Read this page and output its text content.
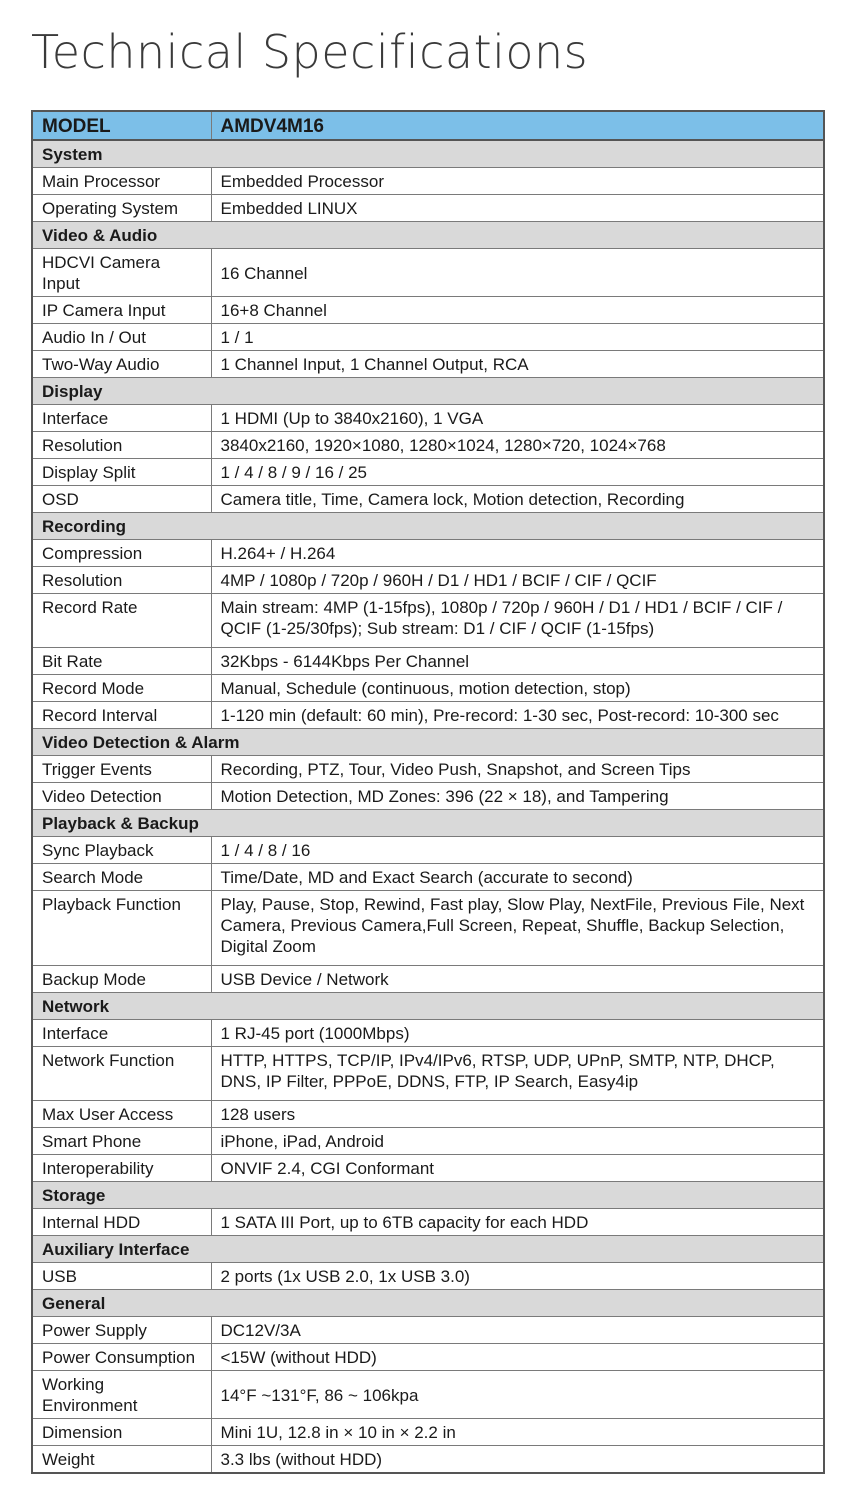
Technical Specifications
MODEL	AMDV4M16
System	
Main Processor	Embedded Processor
Operating System	Embedded LINUX
Video & Audio	
HDCVI Camera Input	16 Channel
IP Camera Input	16+8 Channel
Audio In / Out	1 / 1
Two-Way Audio	1 Channel Input, 1 Channel Output, RCA
Display	
Interface	1 HDMI (Up to 3840x2160), 1 VGA
Resolution	3840x2160, 1920×1080, 1280×1024, 1280×720, 1024×768
Display Split	1 / 4 / 8 / 9 / 16 / 25
OSD	Camera title, Time, Camera lock, Motion detection, Recording
Recording	
Compression	H.264+ / H.264
Resolution	4MP / 1080p / 720p / 960H / D1 / HD1 / BCIF / CIF / QCIF
Record Rate	Main stream: 4MP (1-15fps), 1080p / 720p / 960H / D1 / HD1 / BCIF / CIF / QCIF (1-25/30fps); Sub stream: D1 / CIF / QCIF (1-15fps)
Bit Rate	32Kbps - 6144Kbps Per Channel
Record Mode	Manual, Schedule (continuous, motion detection, stop)
Record Interval	1-120 min (default: 60 min), Pre-record: 1-30 sec, Post-record: 10-300 sec
Video Detection & Alarm	
Trigger Events	Recording, PTZ, Tour, Video Push, Snapshot, and Screen Tips
Video Detection	Motion Detection, MD Zones: 396 (22 × 18), and Tampering
Playback & Backup	
Sync Playback	1 / 4 / 8 / 16
Search Mode	Time/Date, MD and Exact Search (accurate to second)
Playback Function	Play, Pause, Stop, Rewind, Fast play, Slow Play, NextFile, Previous File, Next Camera, Previous Camera,Full Screen, Repeat, Shuffle, Backup Selection, Digital Zoom
Backup Mode	USB Device / Network
Network	
Interface	1 RJ-45 port (1000Mbps)
Network Function	HTTP, HTTPS, TCP/IP, IPv4/IPv6, RTSP, UDP, UPnP, SMTP, NTP, DHCP, DNS, IP Filter, PPPoE, DDNS, FTP, IP Search, Easy4ip
Max User Access	128 users
Smart Phone	iPhone, iPad, Android
Interoperability	ONVIF 2.4, CGI Conformant
Storage	
Internal HDD	1 SATA III Port, up to 6TB capacity for each HDD
Auxiliary Interface	
USB	2 ports (1x USB 2.0, 1x USB 3.0)
General	
Power Supply	DC12V/3A
Power Consumption	<15W (without HDD)
Working Environment	14°F ~131°F, 86 ~ 106kpa
Dimension	Mini 1U, 12.8 in × 10 in × 2.2 in
Weight	3.3 lbs (without HDD)
